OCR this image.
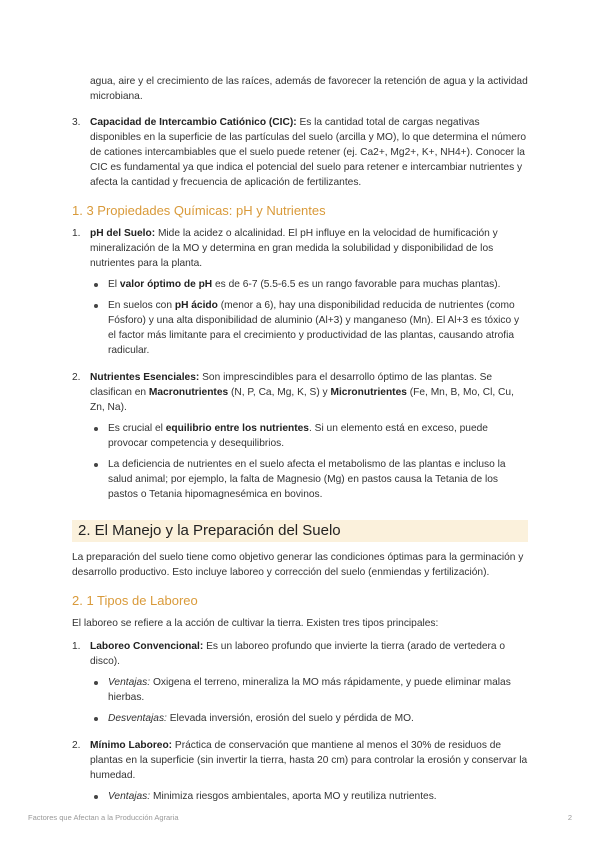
agua, aire y el crecimiento de las raíces, además de favorecer la retención de agua y la actividad microbiana.

3. Capacidad de Intercambio Catiónico (CIC): Es la cantidad total de cargas negativas disponibles en la superficie de las partículas del suelo (arcilla y MO), lo que determina el número de cationes intercambiables que el suelo puede retener (ej. Ca2+, Mg2+, K+, NH4+). Conocer la CIC es fundamental ya que indica el potencial del suelo para retener e intercambiar nutrientes y afecta la cantidad y frecuencia de aplicación de fertilizantes.
1. 3 Propiedades Químicas: pH y Nutrientes
1. pH del Suelo: Mide la acidez o alcalinidad. El pH influye en la velocidad de humificación y mineralización de la MO y determina en gran medida la solubilidad y disponibilidad de los nutrientes para la planta.
El valor óptimo de pH es de 6-7 (5.5-6.5 es un rango favorable para muchas plantas).
En suelos con pH ácido (menor a 6), hay una disponibilidad reducida de nutrientes (como Fósforo) y una alta disponibilidad de aluminio (Al+3) y manganeso (Mn). El Al+3 es tóxico y el factor más limitante para el crecimiento y productividad de las plantas, causando atrofia radicular.
2. Nutrientes Esenciales: Son imprescindibles para el desarrollo óptimo de las plantas. Se clasifican en Macronutrientes (N, P, Ca, Mg, K, S) y Micronutrientes (Fe, Mn, B, Mo, Cl, Cu, Zn, Na).
Es crucial el equilibrio entre los nutrientes. Si un elemento está en exceso, puede provocar competencia y desequilibrios.
La deficiencia de nutrientes en el suelo afecta el metabolismo de las plantas e incluso la salud animal; por ejemplo, la falta de Magnesio (Mg) en pastos causa la Tetania de los pastos o Tetania hipomagnesémica en bovinos.
2. El Manejo y la Preparación del Suelo

La preparación del suelo tiene como objetivo generar las condiciones óptimas para la germinación y desarrollo productivo. Esto incluye laboreo y corrección del suelo (enmiendas y fertilización).

2. 1 Tipos de Laboreo

El laboreo se refiere a la acción de cultivar la tierra. Existen tres tipos principales:

1. Laboreo Convencional: Es un laboreo profundo que invierte la tierra (arado de vertedera o disco).
Ventajas: Oxigena el terreno, mineraliza la MO más rápidamente, y puede eliminar malas hierbas.
Desventajas: Elevada inversión, erosión del suelo y pérdida de MO.
2. Mínimo Laboreo: Práctica de conservación que mantiene al menos el 30% de residuos de plantas en la superficie (sin invertir la tierra, hasta 20 cm) para controlar la erosión y conservar la humedad.
Ventajas: Minimiza riesgos ambientales, aporta MO y reutiliza nutrientes.
Factores que Afectan a la Producción Agraria	2
